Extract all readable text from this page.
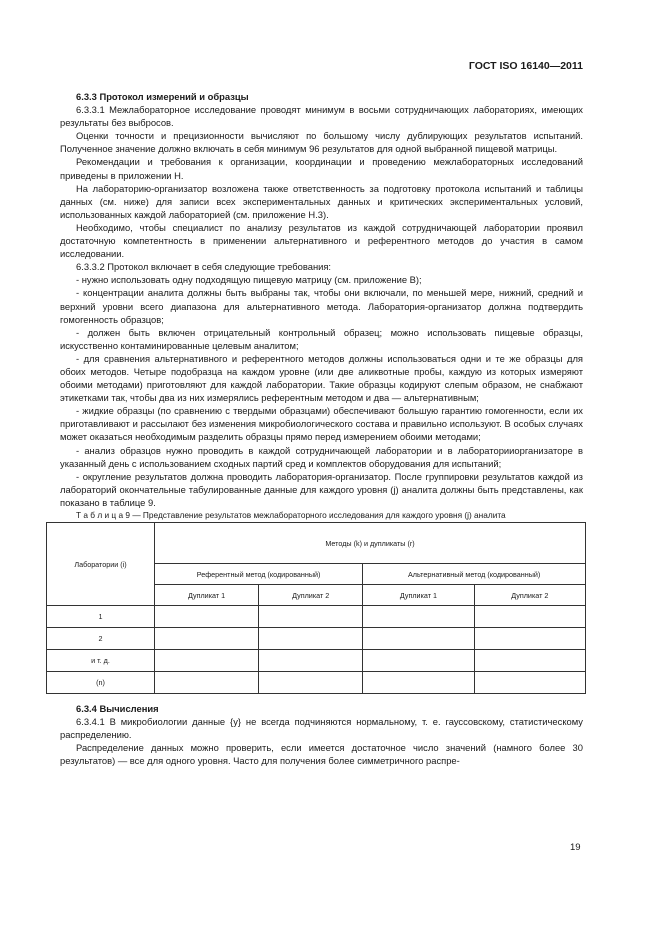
ГОСТ ISO 16140—2011

6.3.3 Протокол измерений и образцы

6.3.3.1 Межлабораторное исследование проводят минимум в восьми сотрудничающих лабораториях, имеющих результаты без выбросов.

Оценки точности и прецизионности вычисляют по большому числу дублирующих результатов испытаний. Полученное значение должно включать в себя минимум 96 результатов для одной выбранной пищевой матрицы.

Рекомендации и требования к организации, координации и проведению межлабораторных исследований приведены в приложении Н.

На лабораторию-организатор возложена также ответственность за подготовку протокола испытаний и таблицы данных (см. ниже) для записи всех экспериментальных данных и критических экспериментальных условий, использованных каждой лабораторией (см. приложение Н.3).

Необходимо, чтобы специалист по анализу результатов из каждой сотрудничающей лаборатории проявил достаточную компетентность в применении альтернативного и референтного методов до участия в самом исследовании.

6.3.3.2 Протокол включает в себя следующие требования:

- нужно использовать одну подходящую пищевую матрицу (см. приложение В);

- концентрации аналита должны быть выбраны так, чтобы они включали, по меньшей мере, нижний, средний и верхний уровни всего диапазона для альтернативного метода. Лаборатория-организатор должна подтвердить гомогенность образцов;

- должен быть включен отрицательный контрольный образец; можно использовать пищевые образцы, искусственно контаминированные целевым аналитом;

- для сравнения альтернативного и референтного методов должны использоваться одни и те же образцы для обоих методов. Четыре подобразца на каждом уровне (или две аликвотные пробы, каждую из которых измеряют обоими методами) приготовляют для каждой лаборатории. Такие образцы кодируют слепым образом, не снабжают этикетками так, чтобы два из них измерялись референтным методом и два — альтернативным;

- жидкие образцы (по сравнению с твердыми образцами) обеспечивают большую гарантию гомогенности, если их приготавливают и рассылают без изменения микробиологического состава и правильно используют. В особых случаях может оказаться необходимым разделить образцы прямо перед измерением обоими методами;

- анализ образцов нужно проводить в каждой сотрудничающей лаборатории и в лабораторииорганизаторе в указанный день с использованием сходных партий сред и комплектов оборудования для испытаний;

- округление результатов должна проводить лаборатория-организатор. После группировки результатов каждой из лабораторий окончательные табулированные данные для каждого уровня (j) аналита должны быть представлены, как показано в таблице 9.

Т а б л и ц а 9 — Представление результатов межлабораторного исследования для каждого уровня (j) аналита

Лаборатории (i)	Методы (k) и дупликаты (r)			
	Референтный метод (кодированный)		Альтернативный метод (кодированный)	
	Дупликат 1	Дупликат 2	Дупликат 1	Дупликат 2
1				
2				
и т. д.				
(n)				

6.3.4 Вычисления

6.3.4.1 В микробиологии данные {y} не всегда подчиняются нормальному, т. е. гауссовскому, статистическому распределению.

Распределение данных можно проверить, если имеется достаточное число значений (намного более 30 результатов) — все для одного уровня. Часто для получения более симметричного распре-

19
